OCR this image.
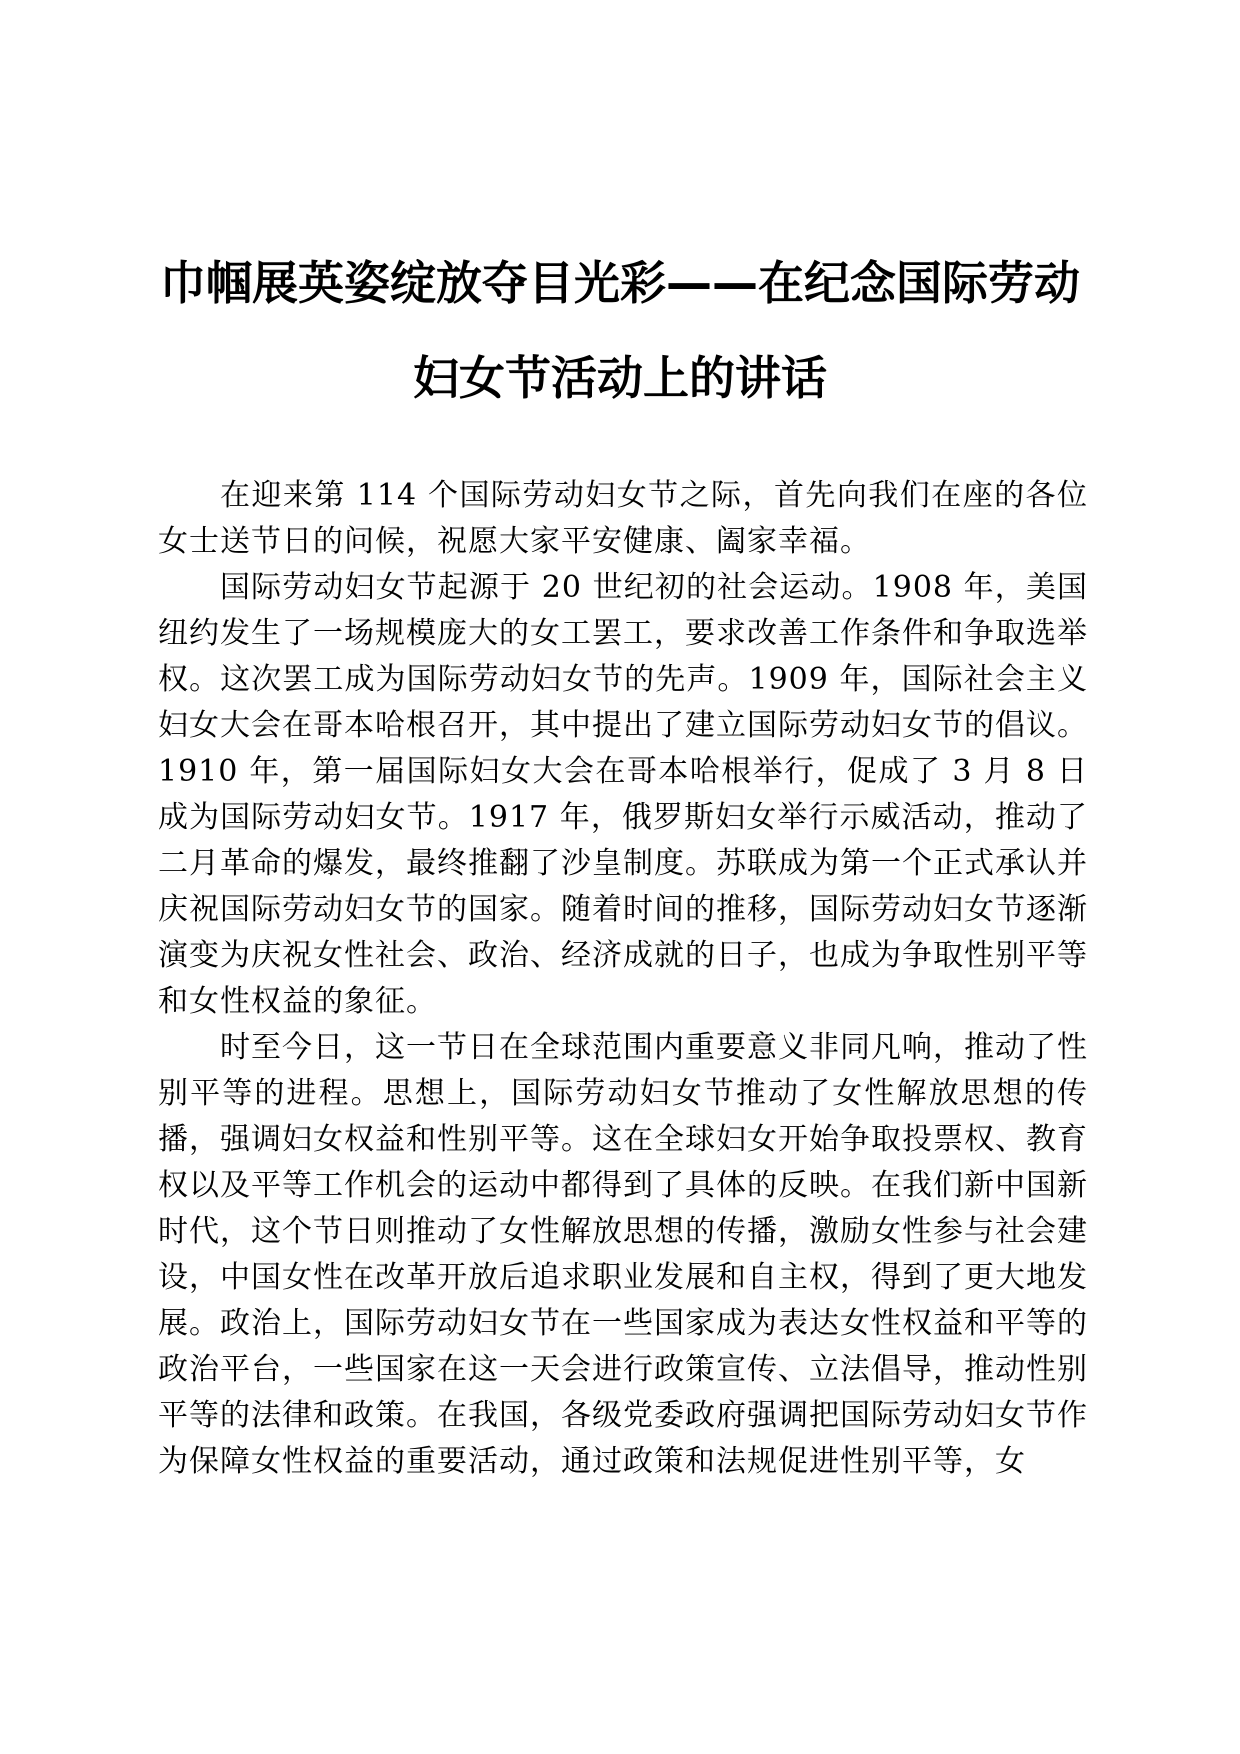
巾帼展英姿绽放夺目光彩——在纪念国际劳动
妇女节活动上的讲话

在迎来第 114 个国际劳动妇女节之际，首先向我们在座的各位女士送节日的问候，祝愿大家平安健康、阖家幸福。

国际劳动妇女节起源于 20 世纪初的社会运动。1908 年，美国纽约发生了一场规模庞大的女工罢工，要求改善工作条件和争取选举权。这次罢工成为国际劳动妇女节的先声。1909 年，国际社会主义妇女大会在哥本哈根召开，其中提出了建立国际劳动妇女节的倡议。1910 年，第一届国际妇女大会在哥本哈根举行，促成了 3 月 8 日成为国际劳动妇女节。1917 年，俄罗斯妇女举行示威活动，推动了二月革命的爆发，最终推翻了沙皇制度。苏联成为第一个正式承认并庆祝国际劳动妇女节的国家。随着时间的推移，国际劳动妇女节逐渐演变为庆祝女性社会、政治、经济成就的日子，也成为争取性别平等和女性权益的象征。

时至今日，这一节日在全球范围内重要意义非同凡响，推动了性别平等的进程。思想上，国际劳动妇女节推动了女性解放思想的传播，强调妇女权益和性别平等。这在全球妇女开始争取投票权、教育权以及平等工作机会的运动中都得到了具体的反映。在我们新中国新时代，这个节日则推动了女性解放思想的传播，激励女性参与社会建设，中国女性在改革开放后追求职业发展和自主权，得到了更大地发展。政治上，国际劳动妇女节在一些国家成为表达女性权益和平等的政治平台，一些国家在这一天会进行政策宣传、立法倡导，推动性别平等的法律和政策。在我国，各级党委政府强调把国际劳动妇女节作为保障女性权益的重要活动，通过政策和法规促进性别平等，女
